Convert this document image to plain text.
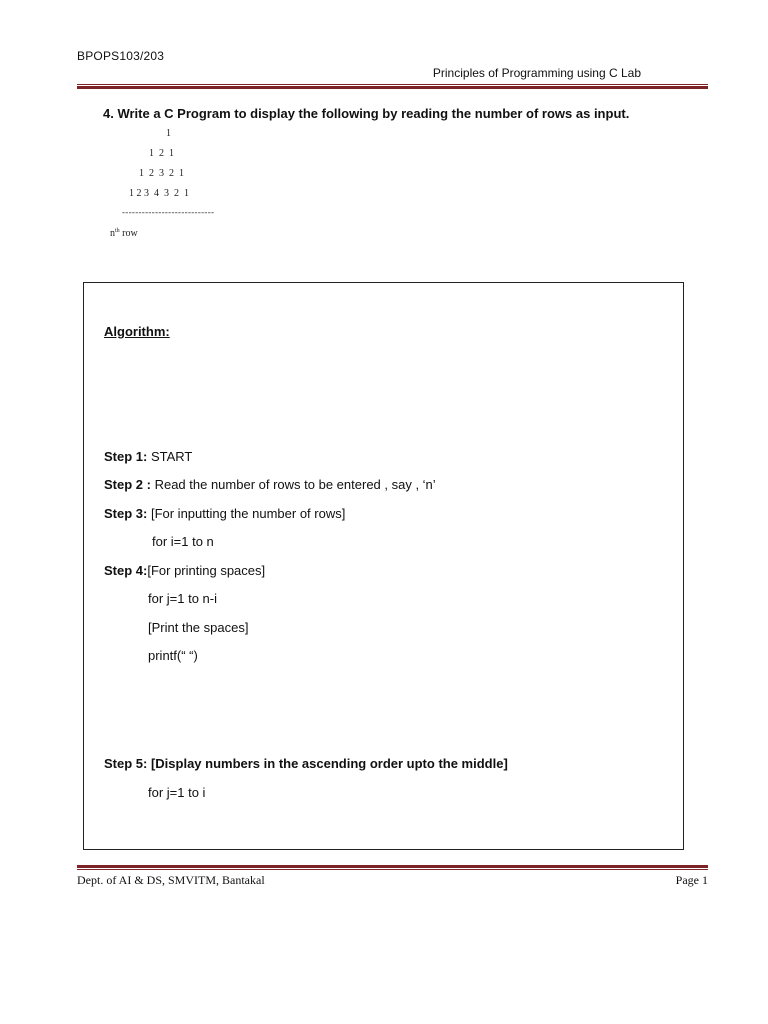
BPOPS103/203
Principles of Programming using C Lab
4. Write a C Program to display the following by reading the number of rows as input.
1
1  2  1
1  2  3  2  1
1 2 3  4  3  2  1
----------------------------
$n^{th}$ row
Algorithm:
Step 1: START
Step 2 : Read the number of rows to be entered , say , ‘n’
Step 3: [For inputting the number of rows]
for i=1 to n
Step 4:[For printing spaces]
for j=1 to n-i
[Print the spaces]
printf(“ “)
Step 5: [Display numbers in the ascending order upto the middle]
for j=1 to i
Dept. of AI & DS, SMVITM, Bantakal	Page 1
